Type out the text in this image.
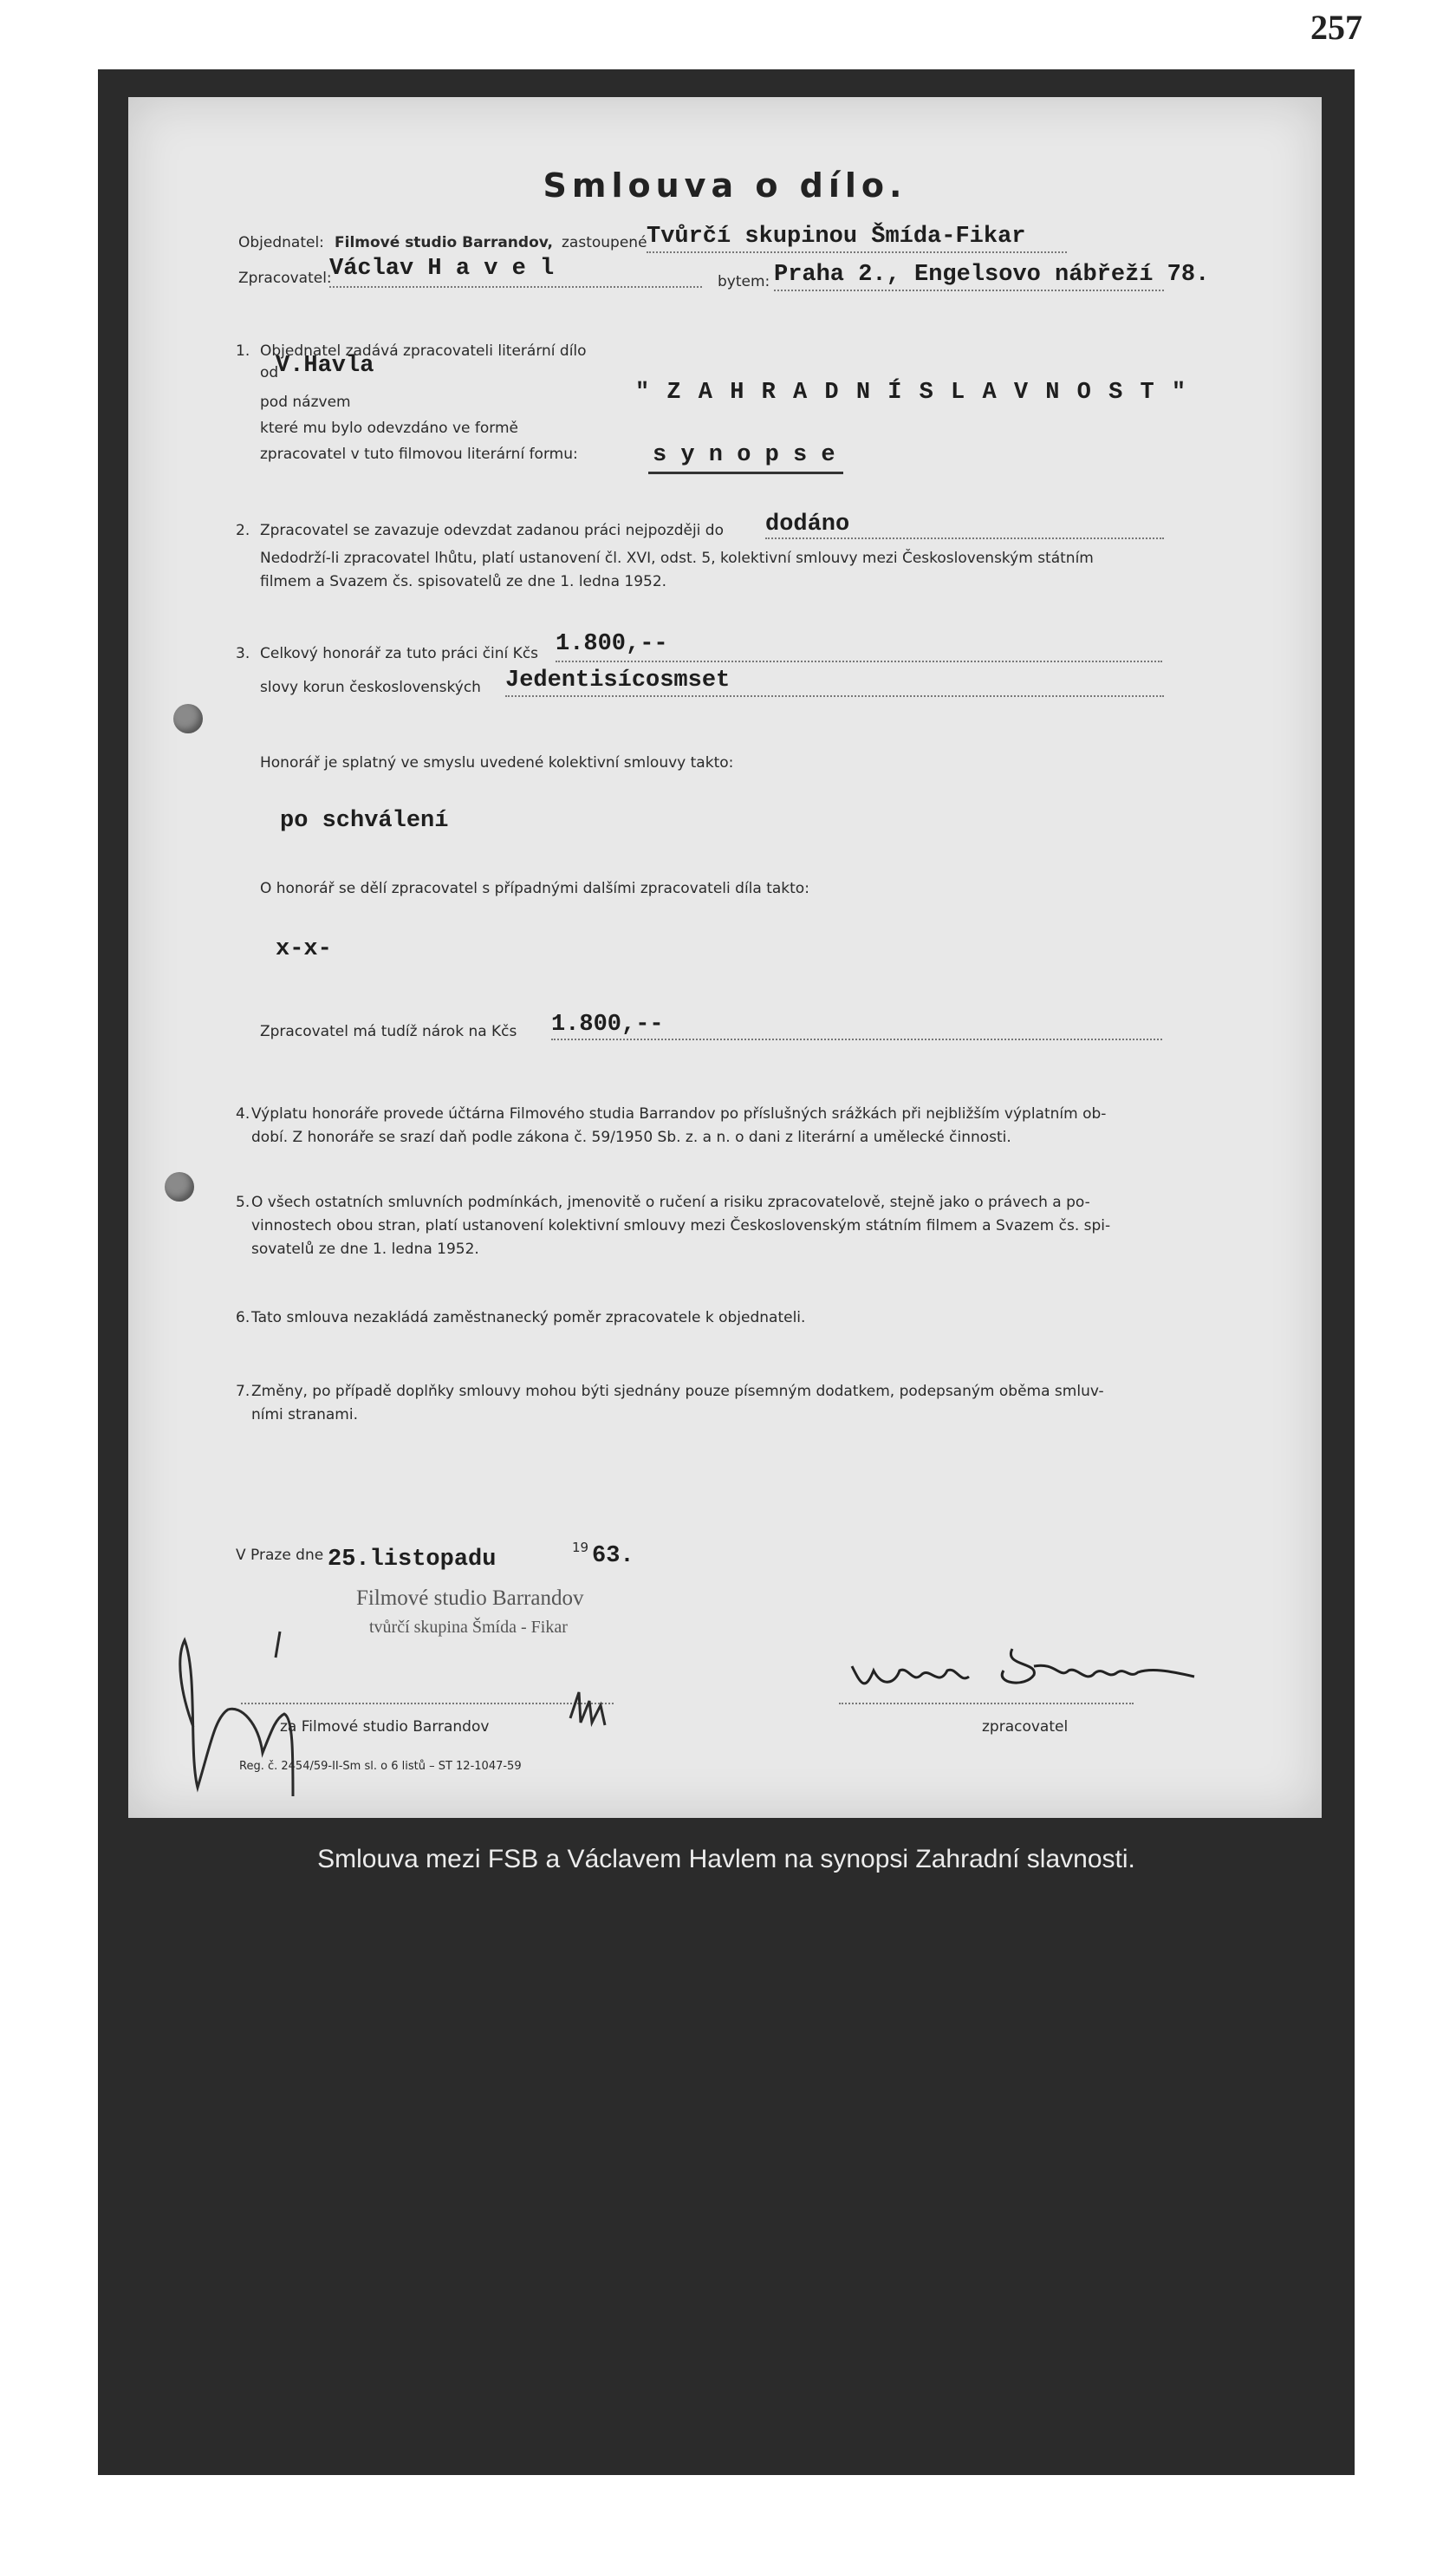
257
Smlouva o dílo.
Objednatel: Filmové studio Barrandov, zastoupené Tvůrčí skupinou Šmída-Fikar
Zpracovatel:
Václav H a v e l	bytem: Praha 2., Engelsovo nábřeží 78.
1. Objednatel zadává zpracovateli literární dílo
od
V.Havla
pod názvem
které mu bylo odevzdáno ve formě
zpracovatel v tuto filmovou literární formu:
" Z A H R A D N Í S L A V N O S T "
s y n o p s e
2. Zpracovatel se zavazuje odevzdat zadanou práci nejpozději do dodáno
Nedodrží-li zpracovatel lhůtu, platí ustanovení čl. XVI, odst. 5, kolektivní smlouvy mezi Československým státním
filmem a Svazem čs. spisovatelů ze dne 1. ledna 1952.
3. Celkový honorář za tuto práci činí Kčs 1.800,--
slovy korun československých Jedentisícosmset
Honorář je splatný ve smyslu uvedené kolektivní smlouvy takto:
po schválení
O honorář se dělí zpracovatel s případnými dalšími zpracovateli díla takto:
x-x-
Zpracovatel má tudíž nárok na Kčs 1.800,--
4. Výplatu honoráře provede účtárna Filmového studia Barrandov po příslušných srážkách při nejbližším výplatním ob-
dobí. Z honoráře se srazí daň podle zákona č. 59/1950 Sb. z. a n. o dani z literární a umělecké činnosti.
5. O všech ostatních smluvních podmínkách, jmenovitě o ručení a risiku zpracovatelově, stejně jako o právech a po-
vinnostech obou stran, platí ustanovení kolektivní smlouvy mezi Československým státním filmem a Svazem čs. spi-
sovatelů ze dne 1. ledna 1952.
6. Tato smlouva nezakládá zaměstnanecký poměr zpracovatele k objednateli.
7. Změny, po případě doplňky smlouvy mohou býti sjednány pouze písemným dodatkem, podepsaným oběma smluv-
ními stranami.
V Praze dne 25.listopadu	19 63.
Filmové studio Barrandov
tvůrčí skupina Šmída - Fikar
za Filmové studio Barrandov	zpracovatel
Reg. č. 2454/59-II-Sm sl. o 6 listů – ST 12-1047-59
Smlouva mezi FSB a Václavem Havlem na synopsi Zahradní slavnosti.
